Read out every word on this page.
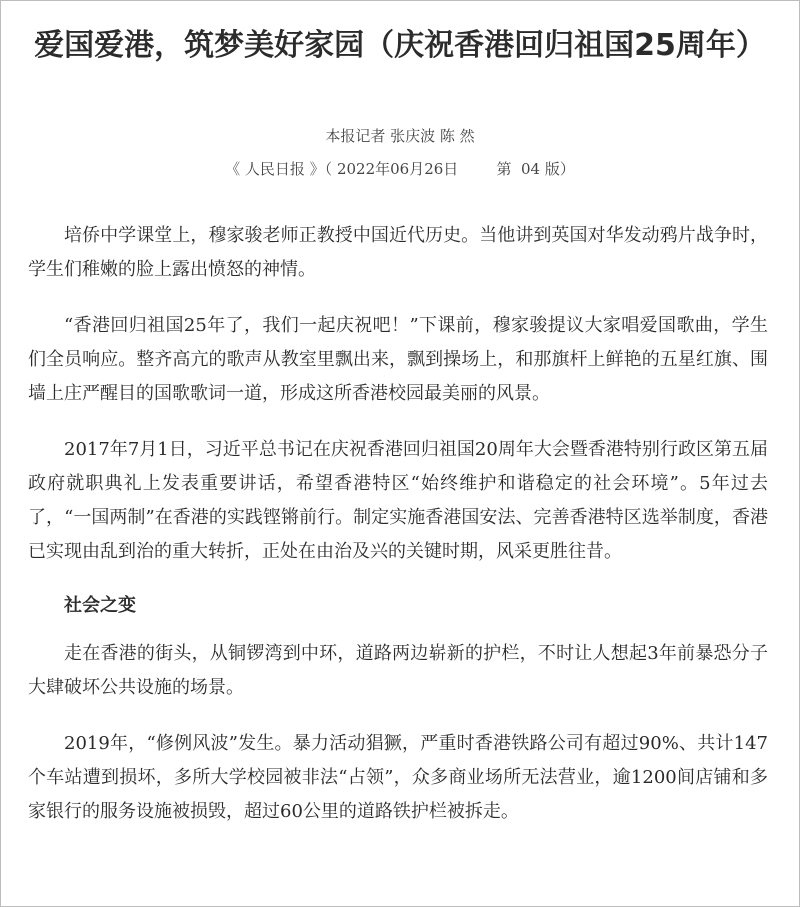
爱国爱港，筑梦美好家园（庆祝香港回归祖国25周年）
本报记者 张庆波 陈 然
《 人民日报 》（ 2022年06月26日	第  04 版）

培侨中学课堂上，穆家骏老师正教授中国近代历史。当他讲到英国对华发动鸦片战争时，学生们稚嫩的脸上露出愤怒的神情。

“香港回归祖国25年了，我们一起庆祝吧！”下课前，穆家骏提议大家唱爱国歌曲，学生们全员响应。整齐高亢的歌声从教室里飘出来，飘到操场上，和那旗杆上鲜艳的五星红旗、围墙上庄严醒目的国歌歌词一道，形成这所香港校园最美丽的风景。

2017年7月1日，习近平总书记在庆祝香港回归祖国20周年大会暨香港特别行政区第五届政府就职典礼上发表重要讲话，希望香港特区“始终维护和谐稳定的社会环境”。5年过去了，“一国两制”在香港的实践铿锵前行。制定实施香港国安法、完善香港特区选举制度，香港已实现由乱到治的重大转折，正处在由治及兴的关键时期，风采更胜往昔。

社会之变

走在香港的街头，从铜锣湾到中环，道路两边崭新的护栏，不时让人想起3年前暴恐分子大肆破坏公共设施的场景。

2019年，“修例风波”发生。暴力活动猖獗，严重时香港铁路公司有超过90%、共计147个车站遭到损坏，多所大学校园被非法“占领”，众多商业场所无法营业，逾1200间店铺和多家银行的服务设施被损毁，超过60公里的道路铁护栏被拆走。
